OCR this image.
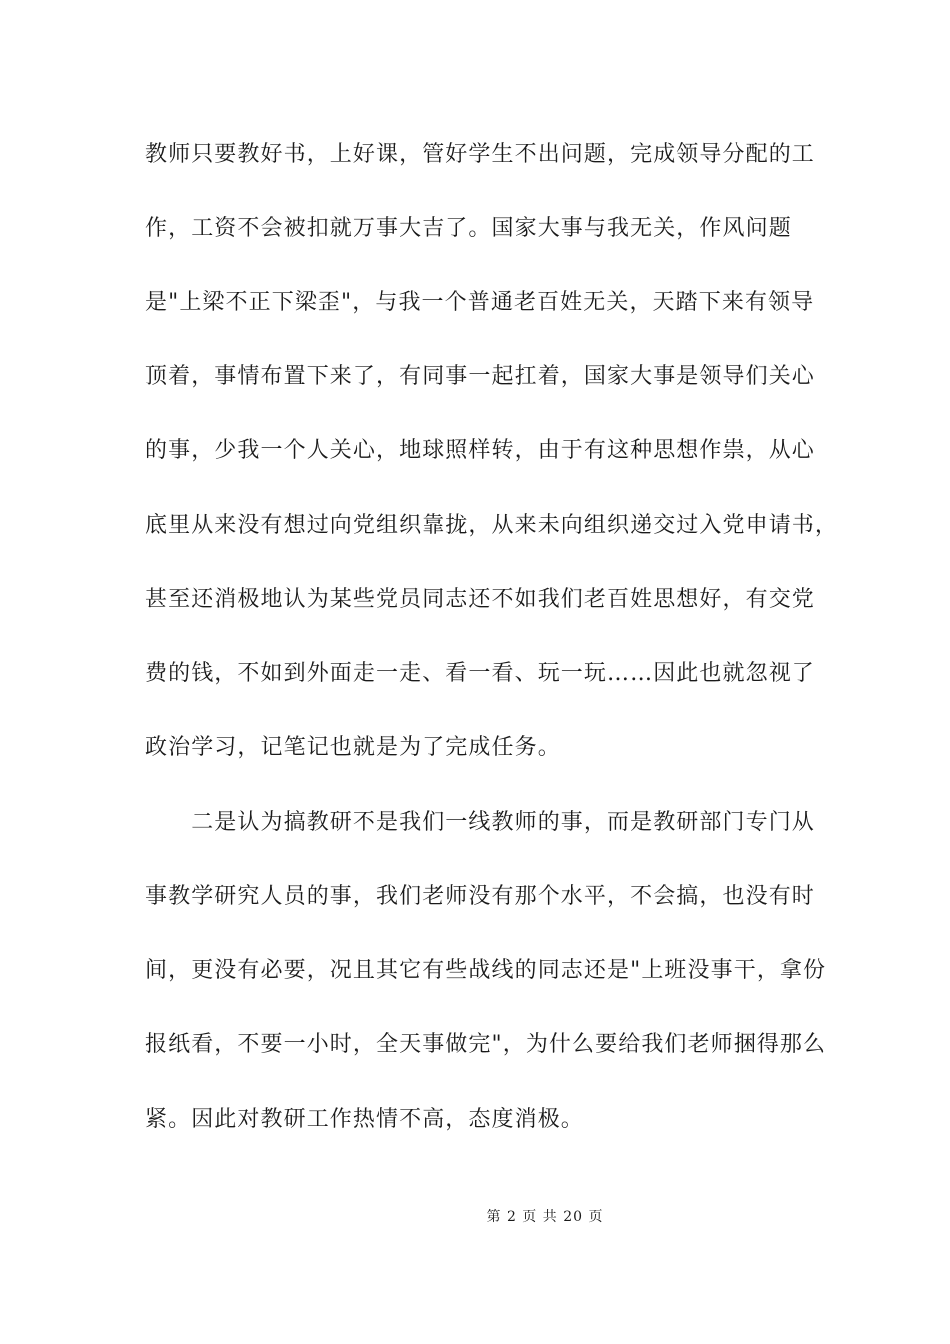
教师只要教好书，上好课，管好学生不出问题，完成领导分配的工
作，工资不会被扣就万事大吉了。国家大事与我无关，作风问题
是"上梁不正下梁歪"，与我一个普通老百姓无关，天踏下来有领导
顶着，事情布置下来了，有同事一起扛着，国家大事是领导们关心
的事，少我一个人关心，地球照样转，由于有这种思想作祟，从心
底里从来没有想过向党组织靠拢，从来未向组织递交过入党申请书，
甚至还消极地认为某些党员同志还不如我们老百姓思想好，有交党
费的钱，不如到外面走一走、看一看、玩一玩……因此也就忽视了
政治学习，记笔记也就是为了完成任务。
　　二是认为搞教研不是我们一线教师的事，而是教研部门专门从
事教学研究人员的事，我们老师没有那个水平，不会搞，也没有时
间，更没有必要，况且其它有些战线的同志还是"上班没事干，拿份
报纸看，不要一小时，全天事做完"，为什么要给我们老师捆得那么
紧。因此对教研工作热情不高，态度消极。
第 2 页 共 20 页
